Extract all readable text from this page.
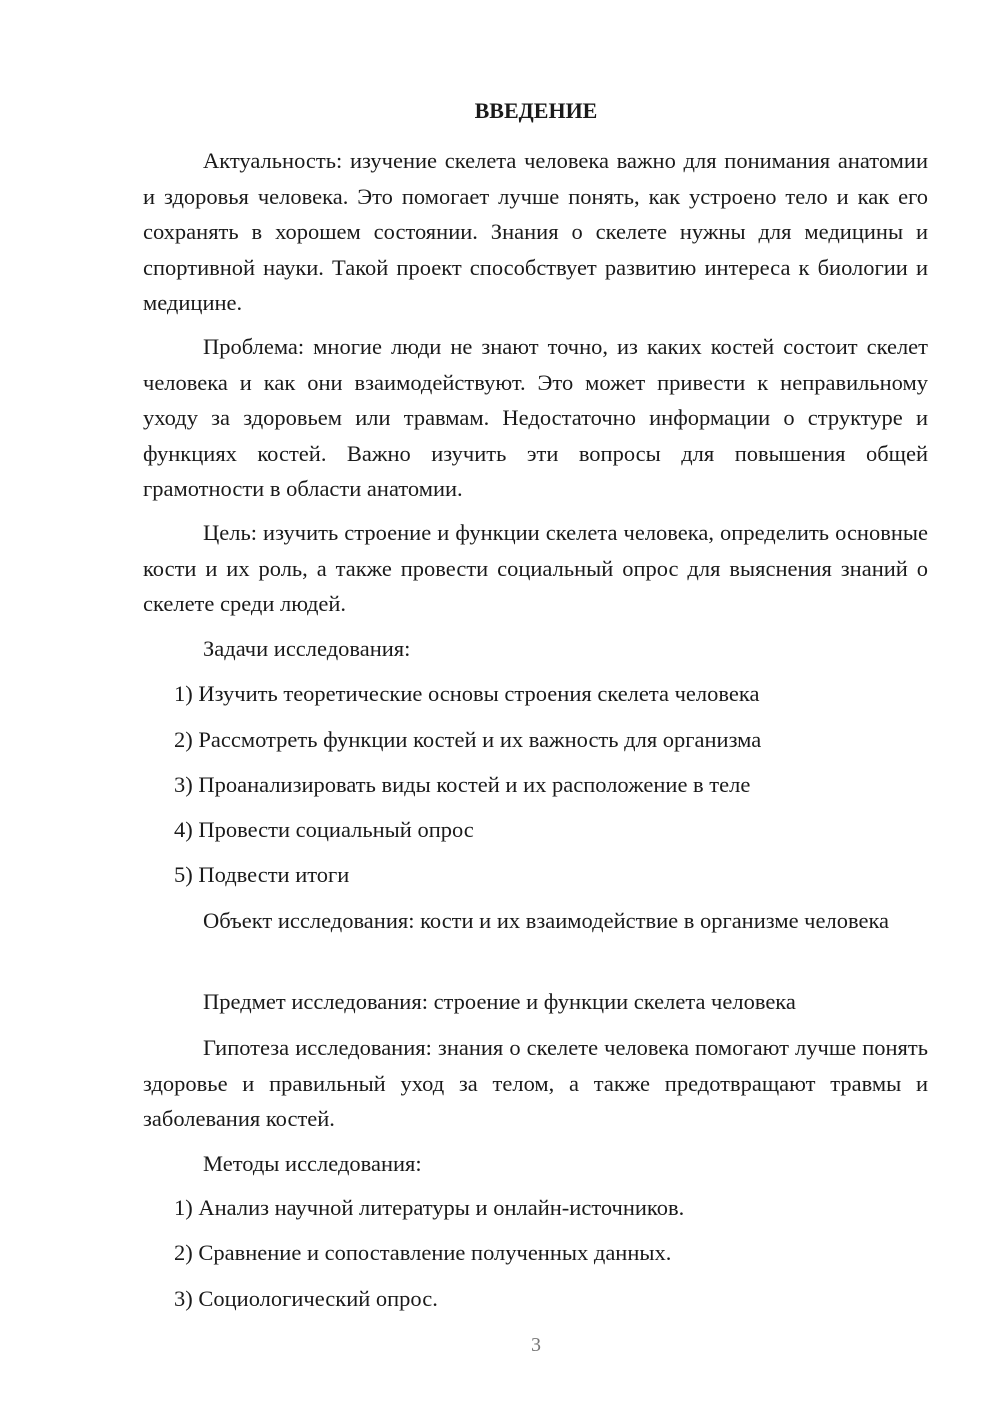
ВВЕДЕНИЕ

Актуальность: изучение скелета человека важно для понимания анатомии и здоровья человека. Это помогает лучше понять, как устроено тело и как его сохранять в хорошем состоянии. Знания о скелете нужны для медицины и спортивной науки. Такой проект способствует развитию интереса к биологии и медицине.

Проблема: многие люди не знают точно, из каких костей состоит скелет человека и как они взаимодействуют. Это может привести к неправильному уходу за здоровьем или травмам. Недостаточно информации о структуре и функциях костей. Важно изучить эти вопросы для повышения общей грамотности в области анатомии.

Цель: изучить строение и функции скелета человека, определить основные кости и их роль, а также провести социальный опрос для выяснения знаний о скелете среди людей.

Задачи исследования:

1) Изучить теоретические основы строения скелета человека

2) Рассмотреть функции костей и их важность для организма

3) Проанализировать виды костей и их расположение в теле

4) Провести социальный опрос

5) Подвести итоги

Объект исследования: кости и их взаимодействие в организме человека

Предмет исследования: строение и функции скелета человека

Гипотеза исследования: знания о скелете человека помогают лучше понять здоровье и правильный уход за телом, а также предотвращают травмы и заболевания костей.

Методы исследования:

1) Анализ научной литературы и онлайн-источников.

2) Сравнение и сопоставление полученных данных.

3) Социологический опрос.

3
